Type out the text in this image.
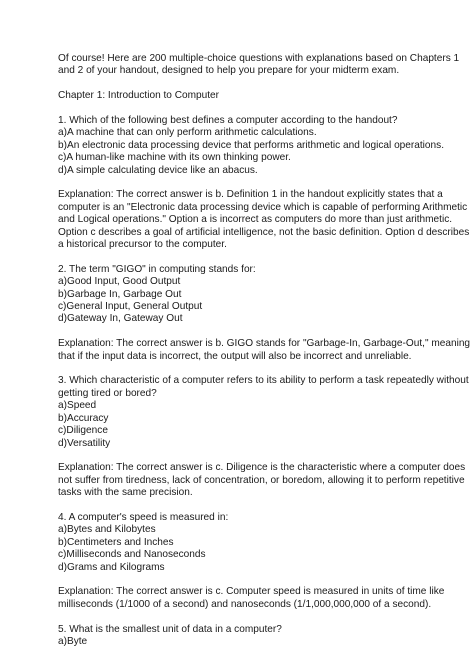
Of course! Here are 200 multiple-choice questions with explanations based on Chapters 1
and 2 of your handout, designed to help you prepare for your midterm exam.
Chapter 1: Introduction to Computer
1. Which of the following best defines a computer according to the handout?
a)A machine that can only perform arithmetic calculations.
b)An electronic data processing device that performs arithmetic and logical operations.
c)A human-like machine with its own thinking power.
d)A simple calculating device like an abacus.
Explanation: The correct answer is b. Definition 1 in the handout explicitly states that a
computer is an "Electronic data processing device which is capable of performing Arithmetic
and Logical operations." Option a is incorrect as computers do more than just arithmetic.
Option c describes a goal of artificial intelligence, not the basic definition. Option d describes
a historical precursor to the computer.
2. The term "GIGO" in computing stands for:
a)Good Input, Good Output
b)Garbage In, Garbage Out
c)General Input, General Output
d)Gateway In, Gateway Out
Explanation: The correct answer is b. GIGO stands for "Garbage-In, Garbage-Out," meaning
that if the input data is incorrect, the output will also be incorrect and unreliable.
3. Which characteristic of a computer refers to its ability to perform a task repeatedly without
getting tired or bored?
a)Speed
b)Accuracy
c)Diligence
d)Versatility
Explanation: The correct answer is c. Diligence is the characteristic where a computer does
not suffer from tiredness, lack of concentration, or boredom, allowing it to perform repetitive
tasks with the same precision.
4. A computer's speed is measured in:
a)Bytes and Kilobytes
b)Centimeters and Inches
c)Milliseconds and Nanoseconds
d)Grams and Kilograms
Explanation: The correct answer is c. Computer speed is measured in units of time like
milliseconds (1/1000 of a second) and nanoseconds (1/1,000,000,000 of a second).
5. What is the smallest unit of data in a computer?
a)Byte
